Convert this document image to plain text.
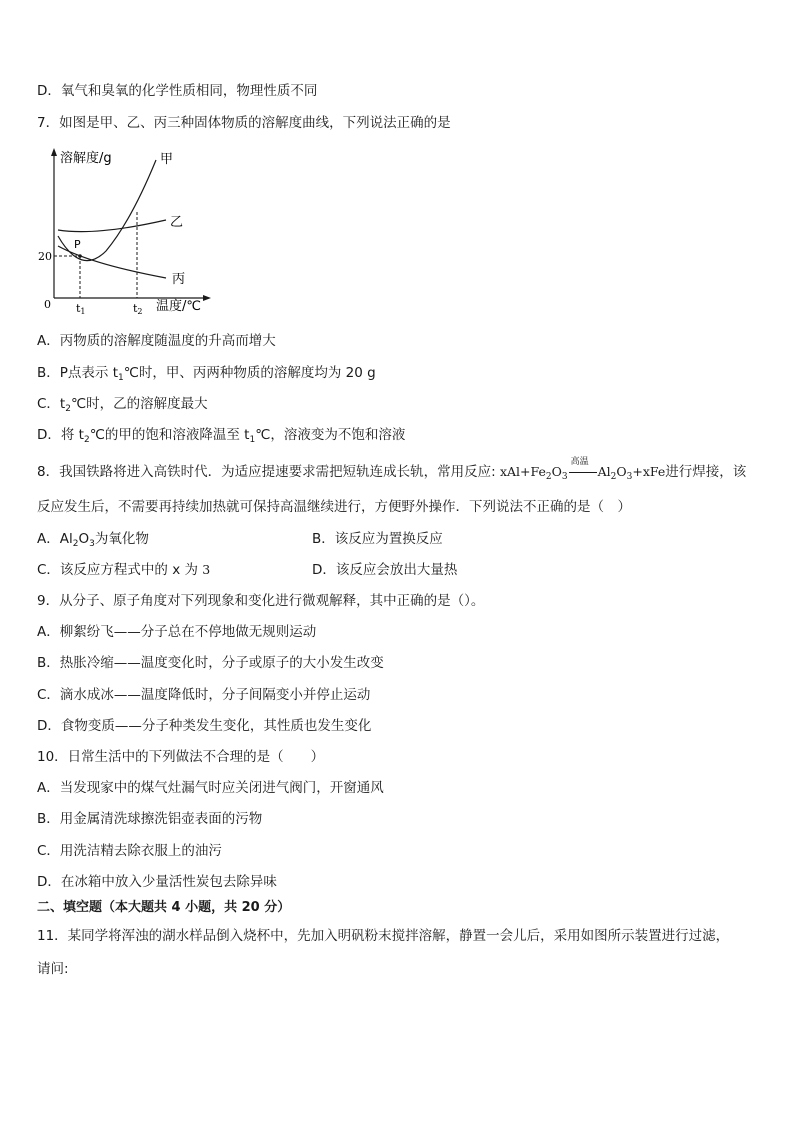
D．氧气和臭氧的化学性质相同，物理性质不同
7．如图是甲、乙、丙三种固体物质的溶解度曲线，下列说法正确的是
溶解度/g
温度/℃
0
20
t1	t2
P
甲
乙
丙
A．丙物质的溶解度随温度的升高而增大
B．P点表示 $t_1℃$时，甲、丙两种物质的溶解度均为 20 g
C．$t_2℃$时，乙的溶解度最大
D．将 $t_2℃$的甲的饱和溶液降温至 $t_1℃$，溶液变为不饱和溶液
8．我国铁路将进入高铁时代．为适应提速要求需把短轨连成长轨，常用反应: $xAl+Fe_2O_3$
高温
$Al_2O_3+xFe$进行焊接，该
反应发生后，不需要再持续加热就可保持高温继续进行，方便野外操作．下列说法不正确的是（　）
A．$Al_2O_3$为氧化物	B．该反应为置换反应
C．该反应方程式中的 x 为 3	D．该反应会放出大量热
9．从分子、原子角度对下列现象和变化进行微观解释，其中正确的是（）。
A．柳絮纷飞——分子总在不停地做无规则运动
B．热胀冷缩——温度变化时，分子或原子的大小发生改变
C．滴水成冰——温度降低时，分子间隔变小并停止运动
D．食物变质——分子种类发生变化，其性质也发生变化
10．日常生活中的下列做法不合理的是（　　）
A．当发现家中的煤气灶漏气时应关闭进气阀门，开窗通风
B．用金属清洗球擦洗铝壶表面的污物
C．用洗洁精去除衣服上的油污
D．在冰箱中放入少量活性炭包去除异味
二、填空题（本大题共 4 小题，共 20 分）
11．某同学将浑浊的湖水样品倒入烧杯中，先加入明矾粉末搅拌溶解，静置一会儿后，采用如图所示装置进行过滤，
请问:
